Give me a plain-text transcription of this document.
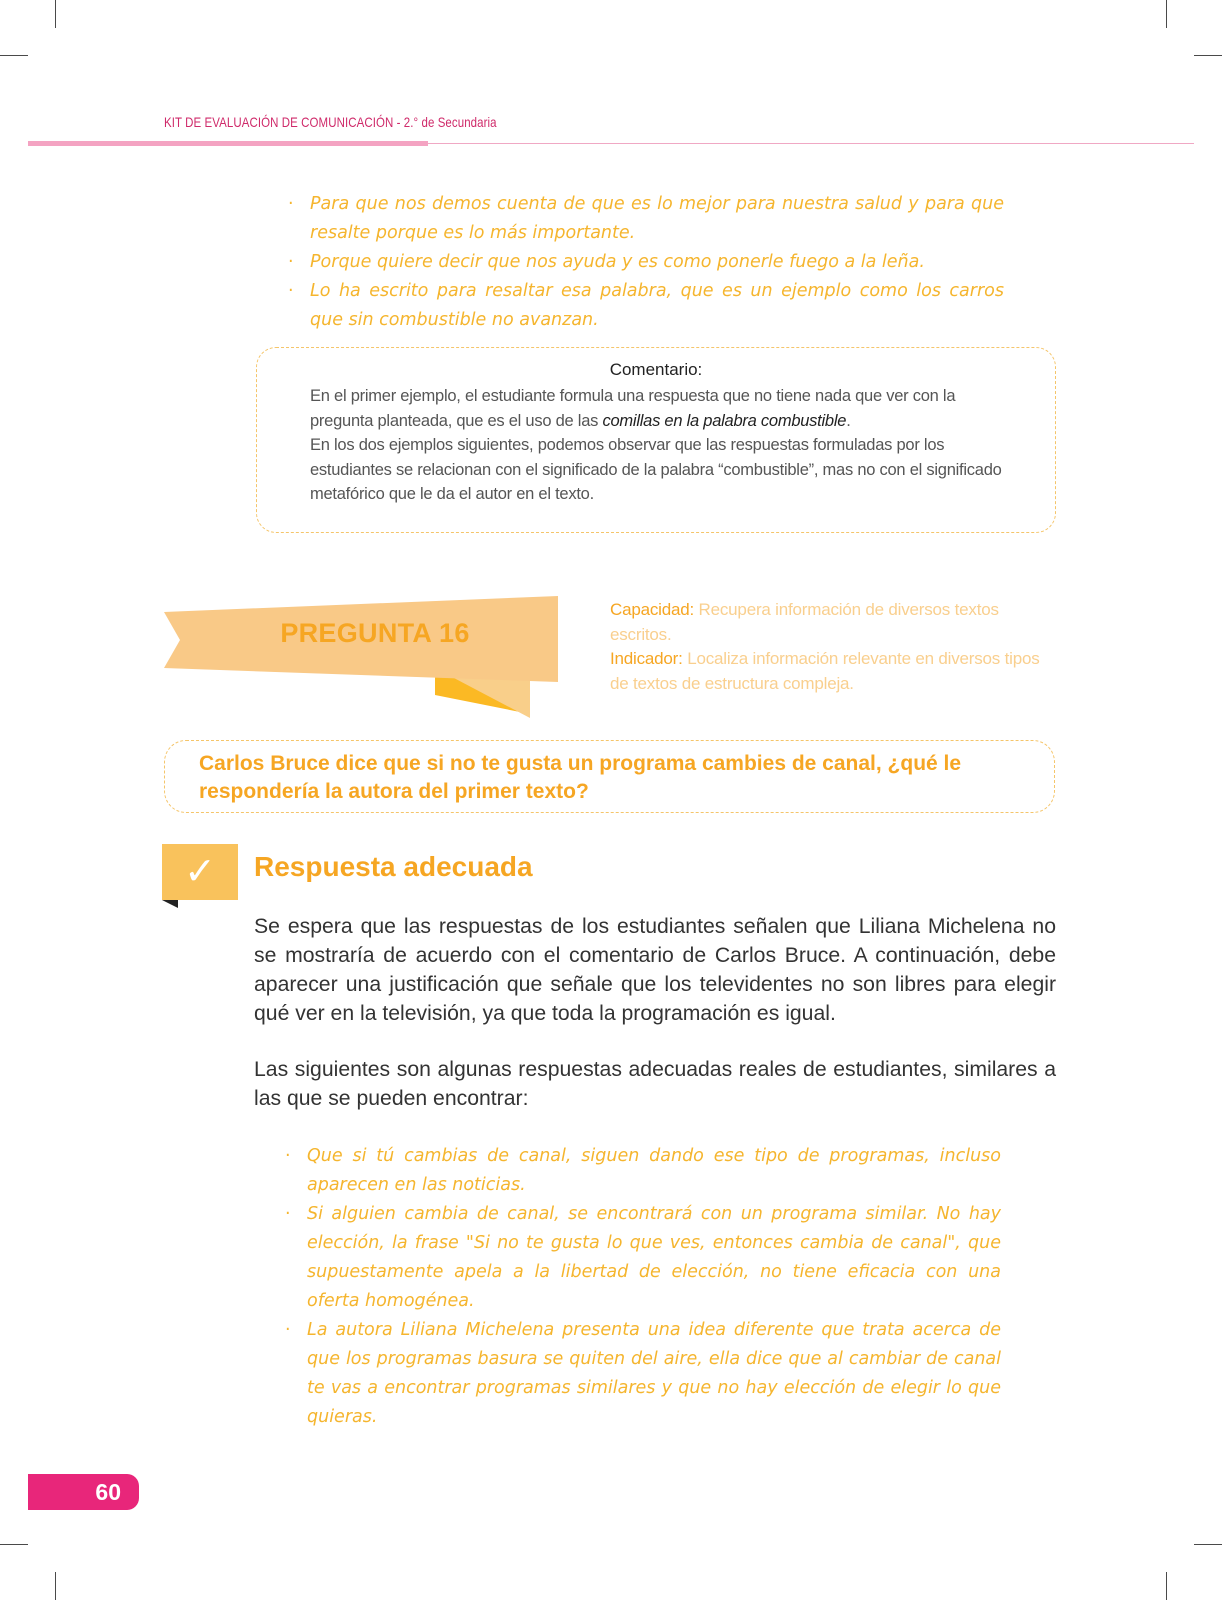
KIT DE EVALUACIÓN DE COMUNICACIÓN - 2.° de Secundaria
· Para que nos demos cuenta de que es lo mejor para nuestra salud y para que resalte porque es lo más importante.
· Porque quiere decir que nos ayuda y es como ponerle fuego a la leña.
· Lo ha escrito para resaltar esa palabra, que es un ejemplo como los carros que sin combustible no avanzan.
Comentario:
En el primer ejemplo, el estudiante formula una respuesta que no tiene nada que ver con la pregunta planteada, que es el uso de las comillas en la palabra combustible.
En los dos ejemplos siguientes, podemos observar que las respuestas formuladas por los estudiantes se relacionan con el significado de la palabra “combustible”, mas no con el significado metafórico que le da el autor en el texto.
PREGUNTA 16
Capacidad: Recupera información de diversos textos escritos.
Indicador: Localiza información relevante en diversos tipos de textos de estructura compleja.
Carlos Bruce dice que si no te gusta un programa cambies de canal, ¿qué le respondería la autora del primer texto?
✓	Respuesta adecuada
Se espera que las respuestas de los estudiantes señalen que Liliana Michelena no se mostraría de acuerdo con el comentario de Carlos Bruce. A continuación, debe aparecer una justificación que señale que los televidentes no son libres para elegir qué ver en la televisión, ya que toda la programación es igual.
Las siguientes son algunas respuestas adecuadas reales de estudiantes, similares a las que se pueden encontrar:
· Que si tú cambias de canal, siguen dando ese tipo de programas, incluso aparecen en las noticias.
· Si alguien cambia de canal, se encontrará con un programa similar. No hay elección, la frase "Si no te gusta lo que ves, entonces cambia de canal", que supuestamente apela a la libertad de elección, no tiene eficacia con una oferta homogénea.
· La autora Liliana Michelena presenta una idea diferente que trata acerca de que los programas basura se quiten del aire, ella dice que al cambiar de canal te vas a encontrar programas similares y que no hay elección de elegir lo que quieras.
60
